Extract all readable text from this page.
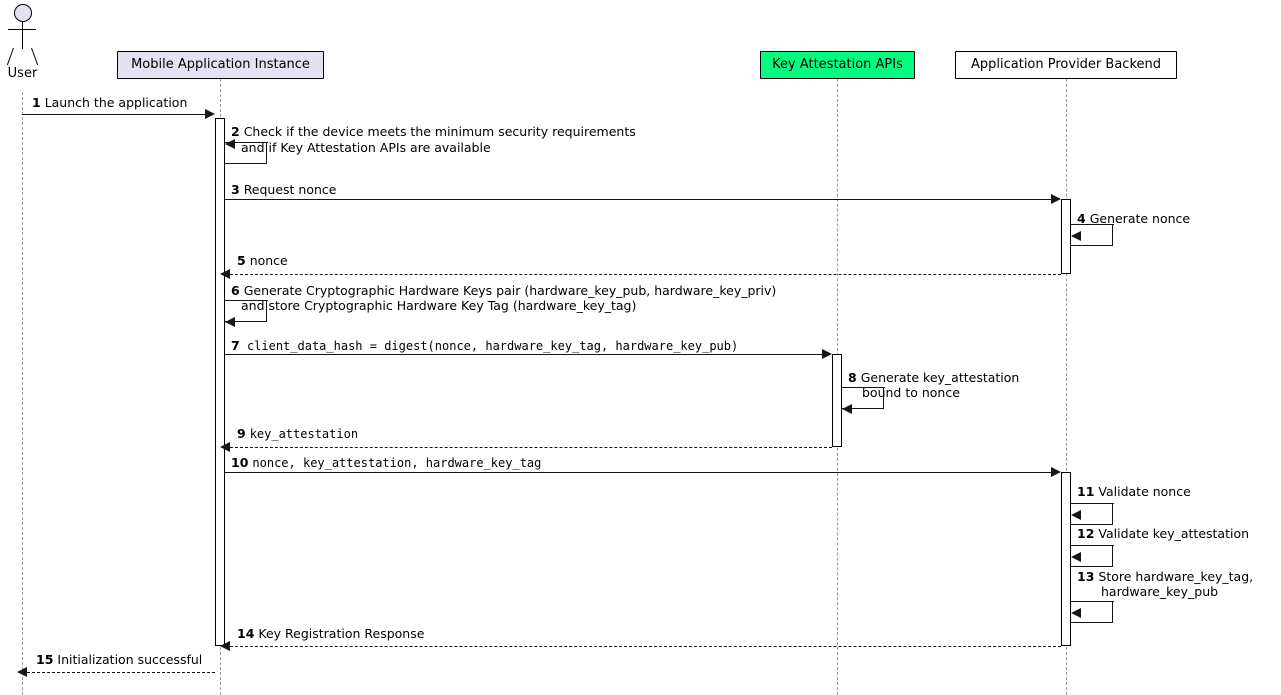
User
Mobile Application Instance	Key Attestation APIs	Application Provider Backend
1 Launch the application
2 Check if the device meets the minimum security requirements
and if Key Attestation APIs are available
3 Request nonce
4 Generate nonce
5 nonce
6 Generate Cryptographic Hardware Keys pair (hardware_key_pub, hardware_key_priv)
and store Cryptographic Hardware Key Tag (hardware_key_tag)
7 client_data_hash = digest(nonce, hardware_key_tag, hardware_key_pub)
8 Generate key_attestation
bound to nonce
9 key_attestation
10 nonce, key_attestation, hardware_key_tag
11 Validate nonce
12 Validate key_attestation
13 Store hardware_key_tag,
hardware_key_pub
14 Key Registration Response
15 Initialization successful
